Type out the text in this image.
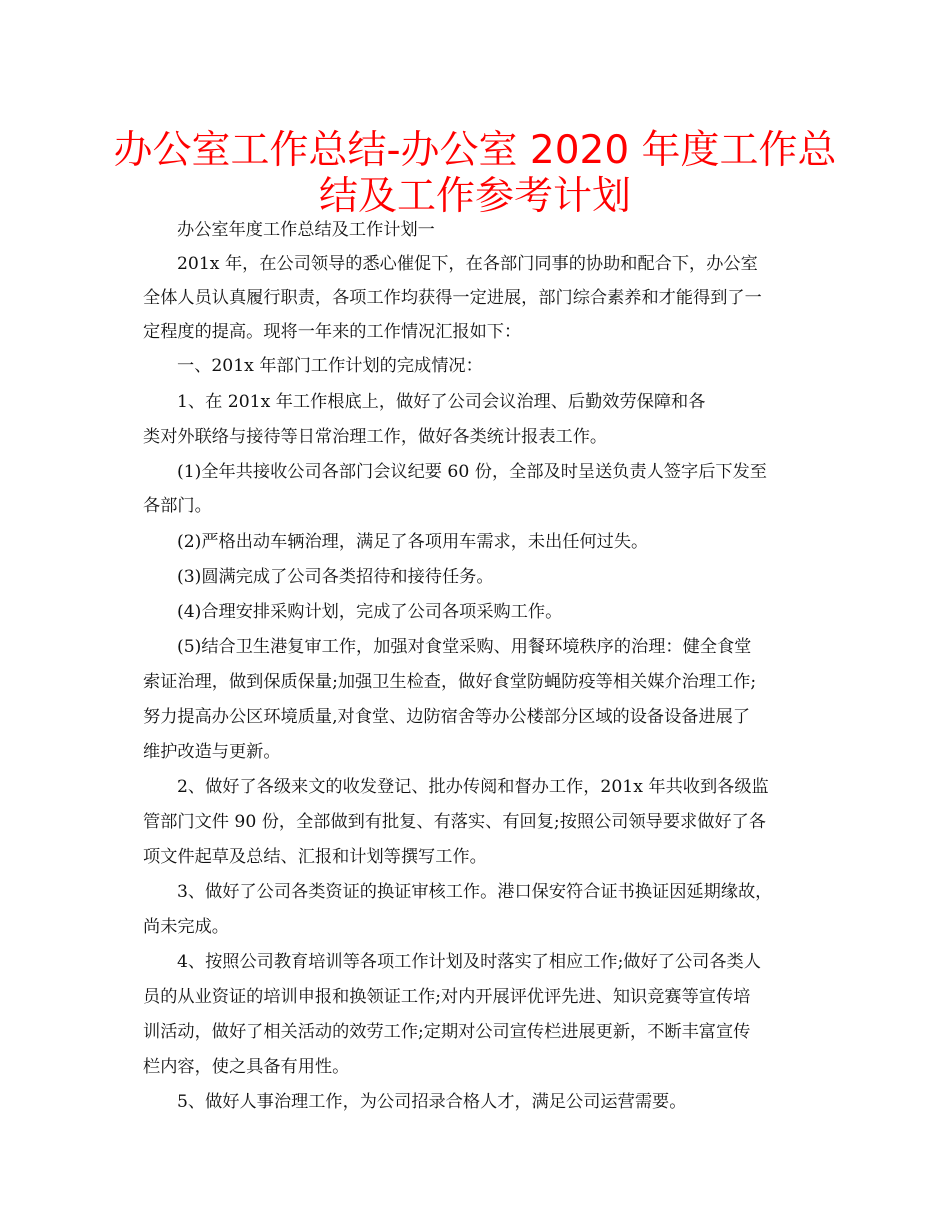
办公室工作总结-办公室 2020 年度工作总
结及工作参考计划
办公室年度工作总结及工作计划一
201x 年，在公司领导的悉心催促下，在各部门同事的协助和配合下，办公室
全体人员认真履行职责，各项工作均获得一定进展，部门综合素养和才能得到了一
定程度的提高。现将一年来的工作情况汇报如下：
一、201x 年部门工作计划的完成情况：
1、在 201x 年工作根底上，做好了公司会议治理、后勤效劳保障和各
类对外联络与接待等日常治理工作，做好各类统计报表工作。
(1)全年共接收公司各部门会议纪要 60 份，全部及时呈送负责人签字后下发至
各部门。
(2)严格出动车辆治理，满足了各项用车需求，未出任何过失。
(3)圆满完成了公司各类招待和接待任务。
(4)合理安排采购计划，完成了公司各项采购工作。
(5)结合卫生港复审工作，加强对食堂采购、用餐环境秩序的治理：健全食堂
索证治理，做到保质保量;加强卫生检查，做好食堂防蝇防疫等相关媒介治理工作;
努力提高办公区环境质量,对食堂、边防宿舍等办公楼部分区域的设备设备进展了
维护改造与更新。
2、做好了各级来文的收发登记、批办传阅和督办工作，201x 年共收到各级监
管部门文件 90 份，全部做到有批复、有落实、有回复;按照公司领导要求做好了各
项文件起草及总结、汇报和计划等撰写工作。
3、做好了公司各类资证的换证审核工作。港口保安符合证书换证因延期缘故，
尚未完成。
4、按照公司教育培训等各项工作计划及时落实了相应工作;做好了公司各类人
员的从业资证的培训申报和换领证工作;对内开展评优评先进、知识竞赛等宣传培
训活动，做好了相关活动的效劳工作;定期对公司宣传栏进展更新，不断丰富宣传
栏内容，使之具备有用性。
5、做好人事治理工作，为公司招录合格人才，满足公司运营需要。
